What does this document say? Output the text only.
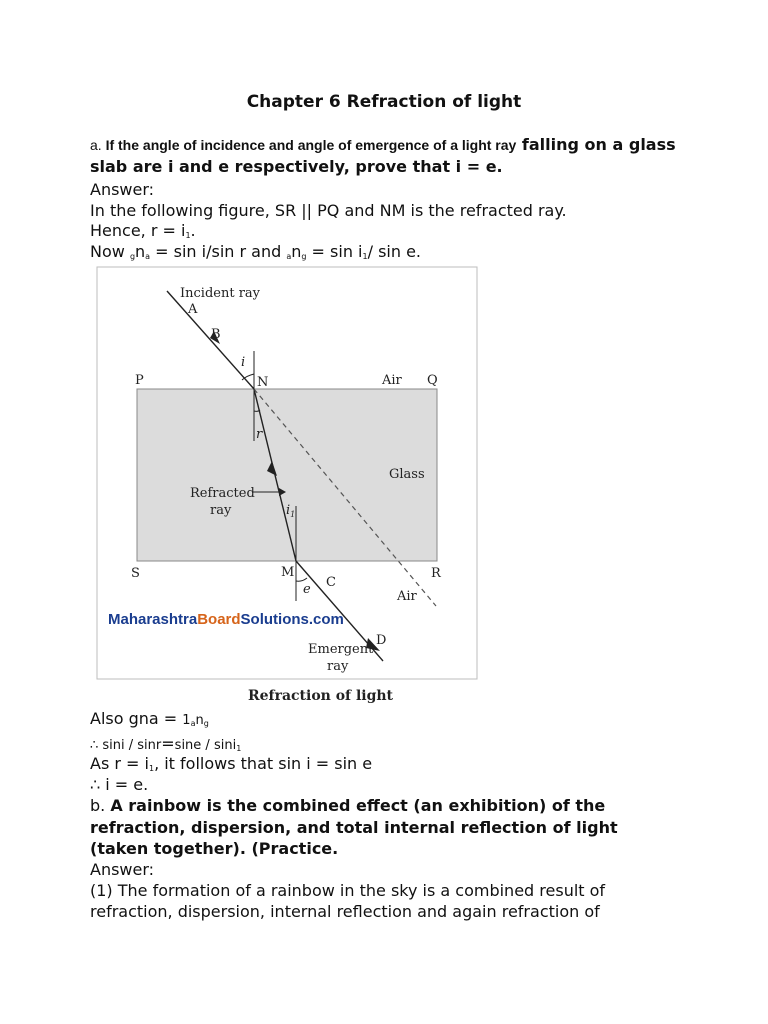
Chapter 6 Refraction of light
a. If the angle of incidence and angle of emergence of a light ray falling on a glass slab are i and e respectively, prove that i = e.
Answer:
In the following figure, SR || PQ and NM is the refracted ray.
Hence, $r = i_1$.
Now $_gn_a = \sin i/\sin$ r and $_an_g = \sin i_1/$ sin e.
Incident ray
A
B
i
P	N	Air Q
r
Glass
Refracted
ray	$i_1$
S	M
e C
R
Air
D
Emergent
ray
MaharashtraBoardSolutions.com
Refraction of light
Also gna = $1_an_g$
∴ sini / sinr=sine / sini$_1$
As $r = i_1$, it follows that sin i = sin e
∴ i = e.
b. A rainbow is the combined effect (an exhibition) of the
refraction, dispersion, and total internal reflection of light
(taken together). (Practice.
Answer:
(1) The formation of a rainbow in the sky is a combined result of
refraction, dispersion, internal reflection and again refraction of
